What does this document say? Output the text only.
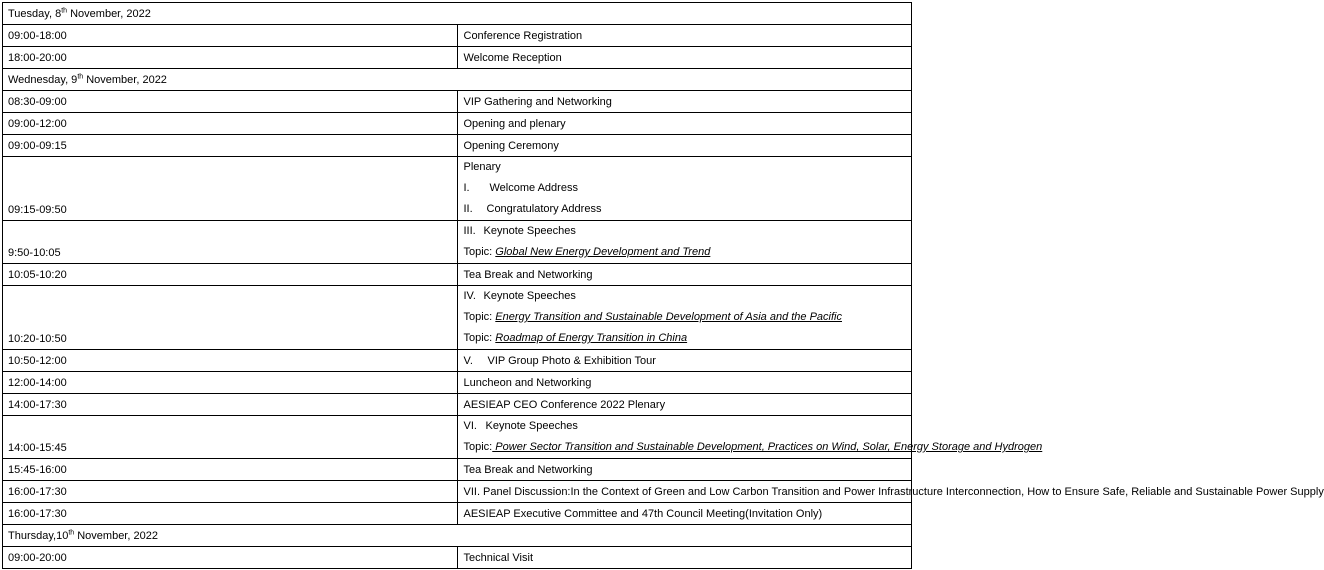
Tuesday, 8th November, 2022	
09:00-18:00	Conference Registration
18:00-20:00	Welcome Reception
Wednesday, 9th November, 2022	
08:30-09:00	VIP Gathering and Networking
09:00-12:00	Opening and plenary
09:00-09:15	Opening Ceremony
09:15-09:50	Plenary
I. Welcome Address
II. Congratulatory Address

9:50-10:05	III. Keynote Speeches
Topic: Global New Energy Development and Trend

10:05-10:20	Tea Break and Networking
10:20-10:50	IV. Keynote Speeches
Topic: Energy Transition and Sustainable Development of Asia and the Pacific
Topic: Roadmap of Energy Transition in China

10:50-12:00	V. VIP Group Photo & Exhibition Tour
12:00-14:00	Luncheon and Networking
14:00-17:30	AESIEAP CEO Conference 2022 Plenary
14:00-15:45	VI. Keynote Speeches
Topic: Power Sector Transition and Sustainable Development, Practices on Wind, Solar, Energy Storage and Hydrogen

15:45-16:00	Tea Break and Networking
16:00-17:30	VII. Panel Discussion:In the Context of Green and Low Carbon Transition and Power Infrastructure Interconnection, How to Ensure Safe, Reliable and Sustainable Power Supply
16:00-17:30	AESIEAP Executive Committee and 47th Council Meeting(Invitation Only)
Thursday,10th November, 2022	
09:00-20:00	Technical Visit
